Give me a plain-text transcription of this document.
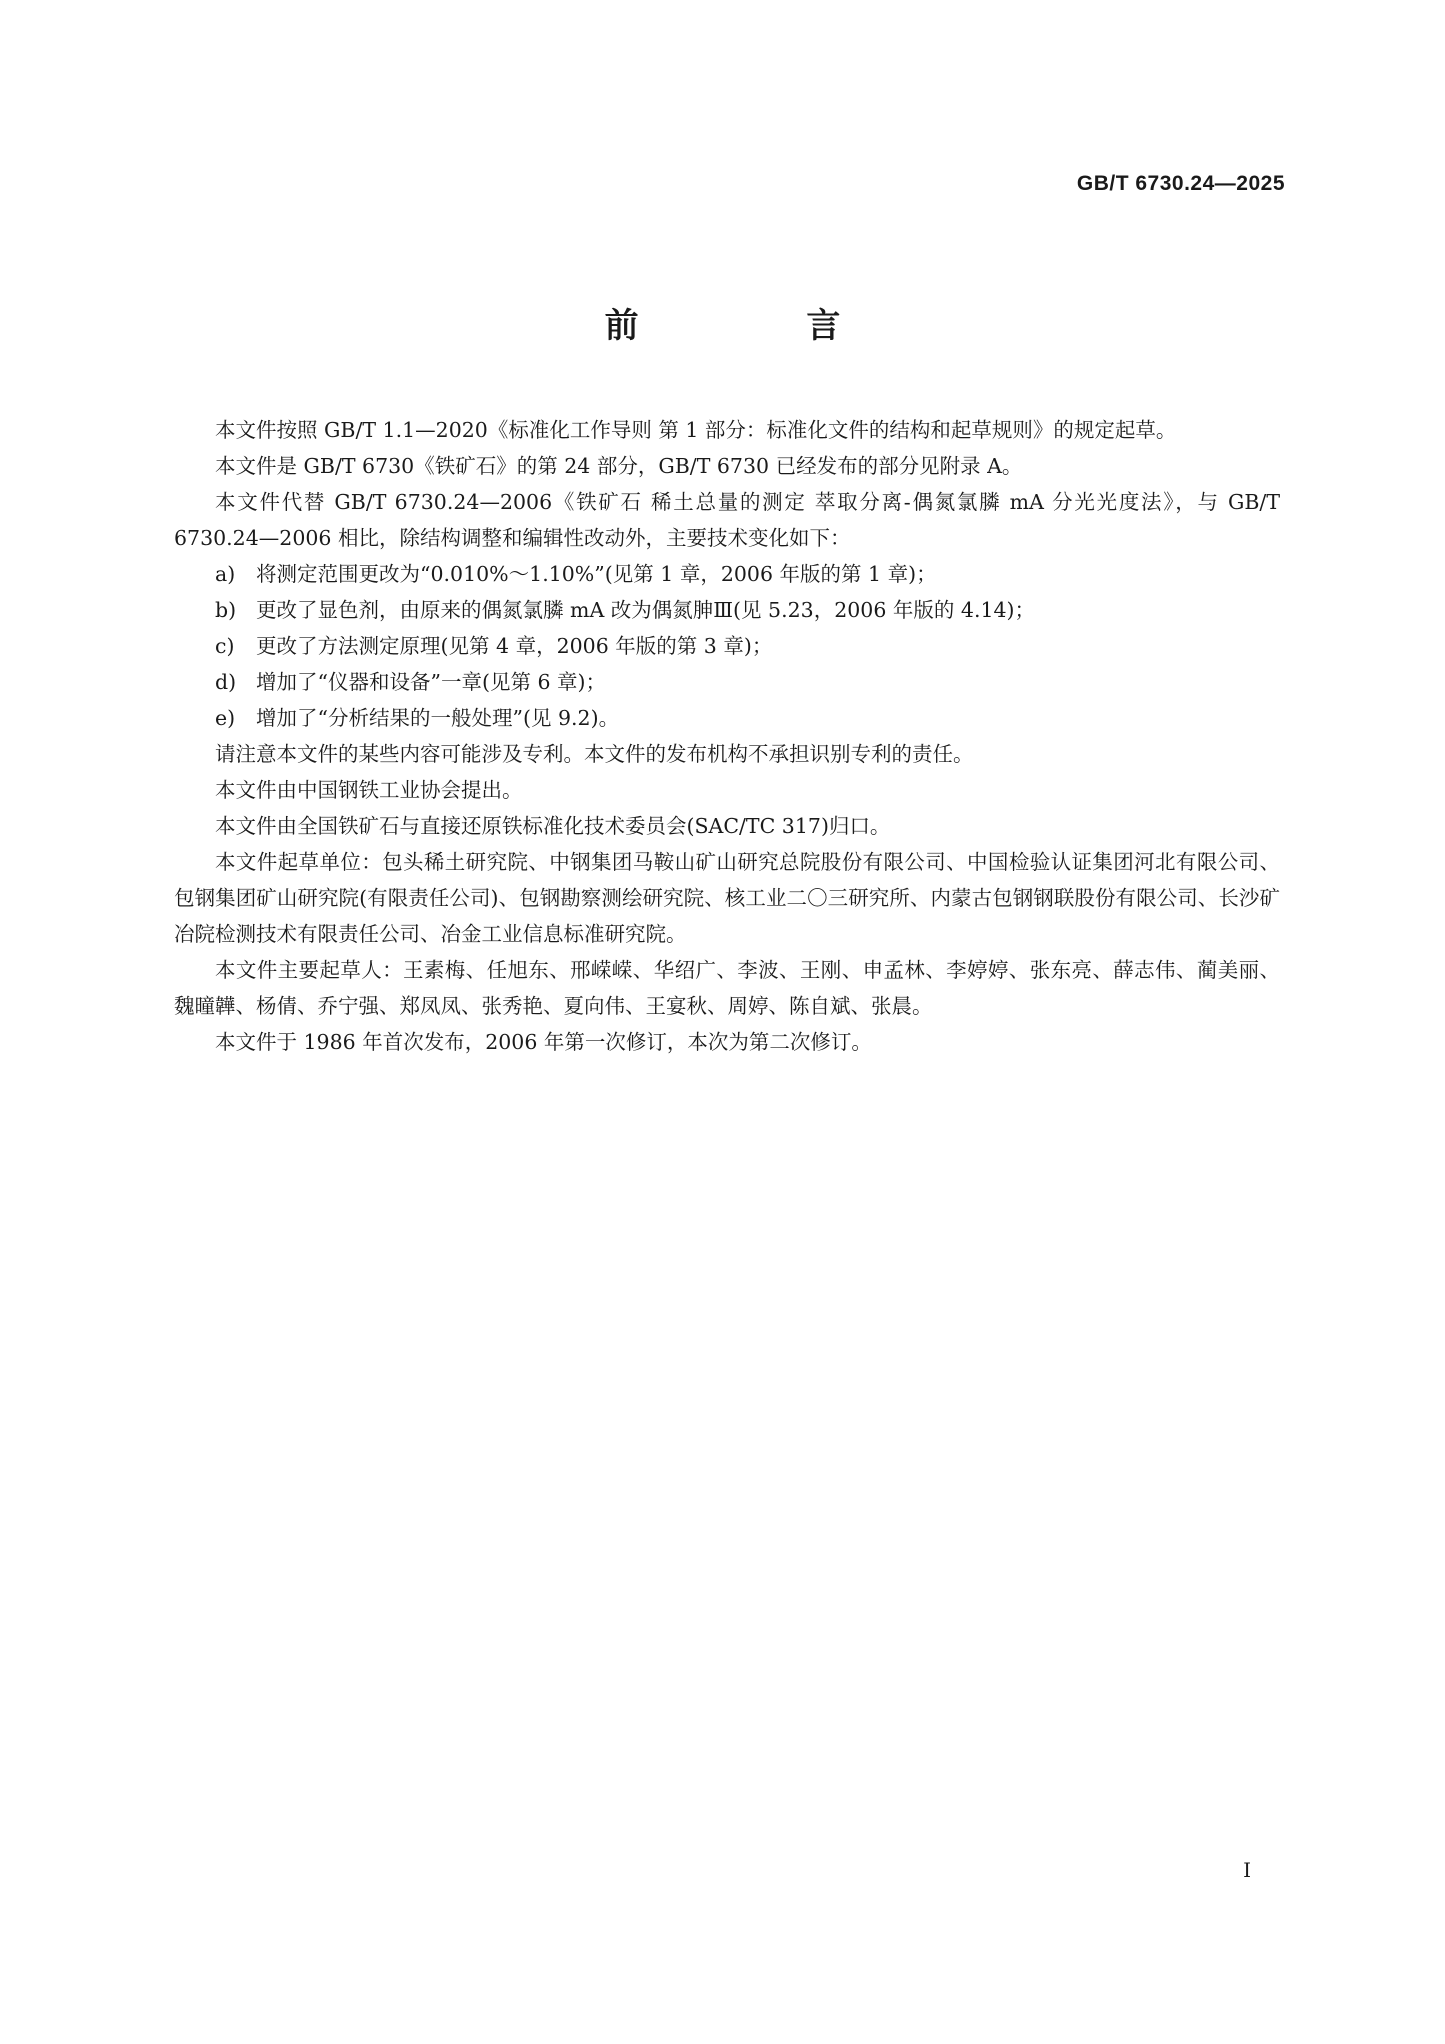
GB/T 6730.24—2025
前 言

本文件按照 GB/T 1.1—2020《标准化工作导则 第 1 部分：标准化文件的结构和起草规则》的规定起草。

本文件是 GB/T 6730《铁矿石》的第 24 部分，GB/T 6730 已经发布的部分见附录 A。

本文件代替 GB/T 6730.24—2006《铁矿石 稀土总量的测定 萃取分离-偶氮氯膦 mA 分光光度法》，与 GB/T 6730.24—2006 相比，除结构调整和编辑性改动外，主要技术变化如下：

a) 将测定范围更改为“0.010%～1.10%”(见第 1 章，2006 年版的第 1 章)；
b) 更改了显色剂，由原来的偶氮氯膦 mA 改为偶氮胂Ⅲ(见 5.23，2006 年版的 4.14)；
c) 更改了方法测定原理(见第 4 章，2006 年版的第 3 章)；
d) 增加了“仪器和设备”一章(见第 6 章)；
e) 增加了“分析结果的一般处理”(见 9.2)。

请注意本文件的某些内容可能涉及专利。本文件的发布机构不承担识别专利的责任。

本文件由中国钢铁工业协会提出。

本文件由全国铁矿石与直接还原铁标准化技术委员会(SAC/TC 317)归口。

本文件起草单位：包头稀土研究院、中钢集团马鞍山矿山研究总院股份有限公司、中国检验认证集团河北有限公司、包钢集团矿山研究院(有限责任公司)、包钢勘察测绘研究院、核工业二〇三研究所、内蒙古包钢钢联股份有限公司、长沙矿冶院检测技术有限责任公司、冶金工业信息标准研究院。

本文件主要起草人：王素梅、任旭东、邢嵘嵘、华绍广、李波、王刚、申孟林、李婷婷、张东亮、薛志伟、蔺美丽、魏曈韡、杨倩、乔宁强、郑凤凤、张秀艳、夏向伟、王宴秋、周婷、陈自斌、张晨。

本文件于 1986 年首次发布，2006 年第一次修订，本次为第二次修订。

I
